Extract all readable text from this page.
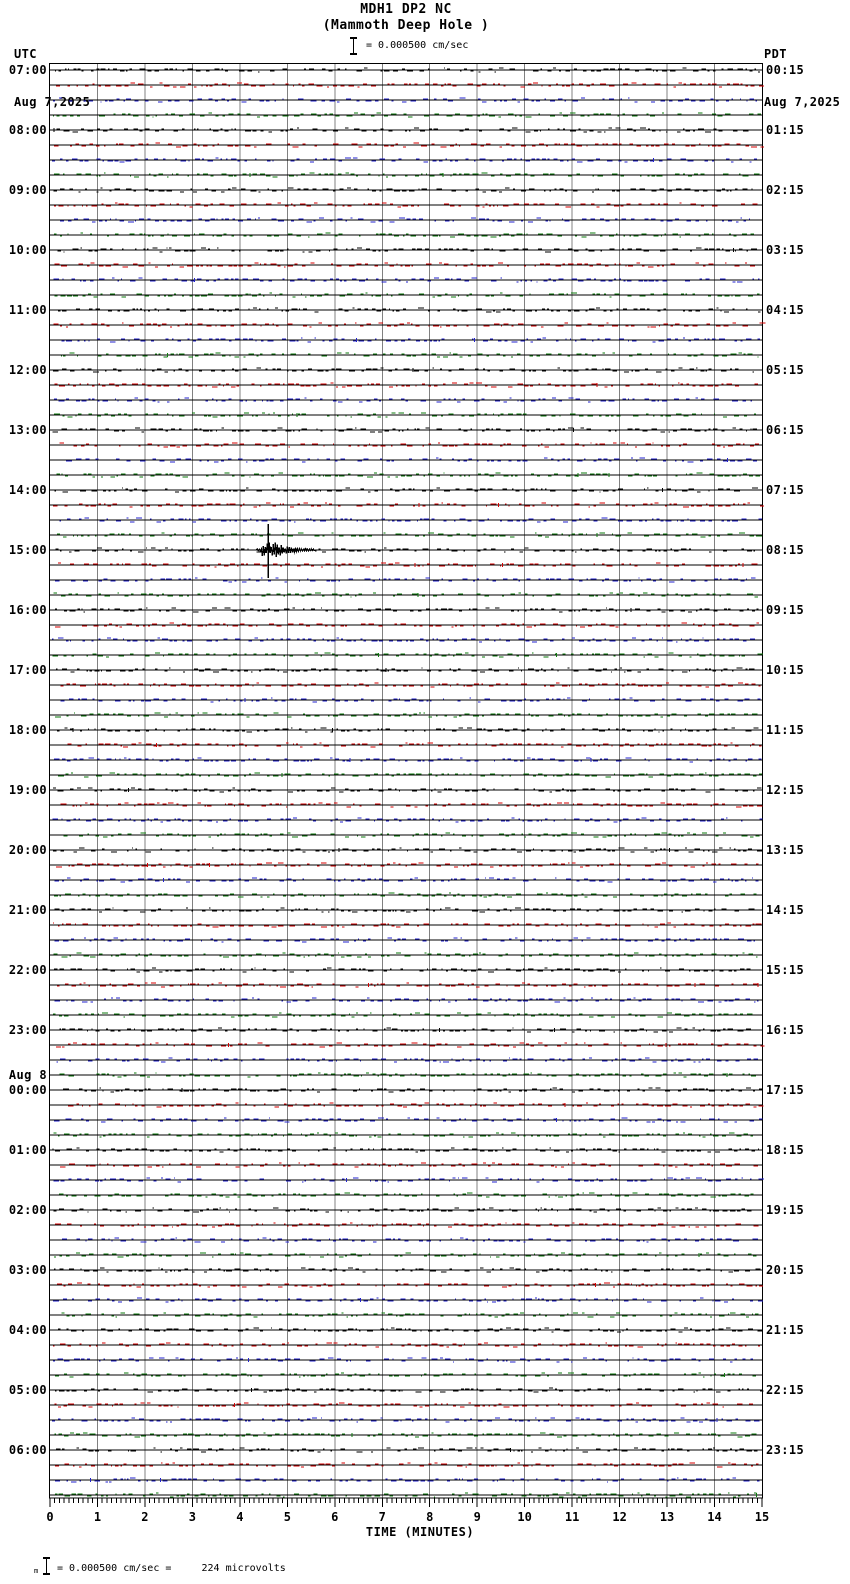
UTC

Aug 7,2025

MDH1 DP2 NC
(Mammoth Deep Hole )
= 0.000500 cm/sec

PDT

Aug 7,2025

07:00
08:00
09:00
10:00
11:00
12:00
13:00
14:00
15:00
16:00
17:00
18:00
19:00
20:00
21:00
22:00
23:00
Aug 8
00:00
01:00
02:00
03:00
04:00
05:00
06:00
00:15
01:15
02:15
03:15
04:15
05:15
06:15
07:15
08:15
09:15
10:15
11:15
12:15
13:15
14:15
15:15
16:15
17:15
18:15
19:15
20:15
21:15
22:15
23:15
0	1	2	3	4	5	6	7	8	9	10	11	12	13	14	15
TIME (MINUTES)
m = 0.000500 cm/sec =     224 microvolts
